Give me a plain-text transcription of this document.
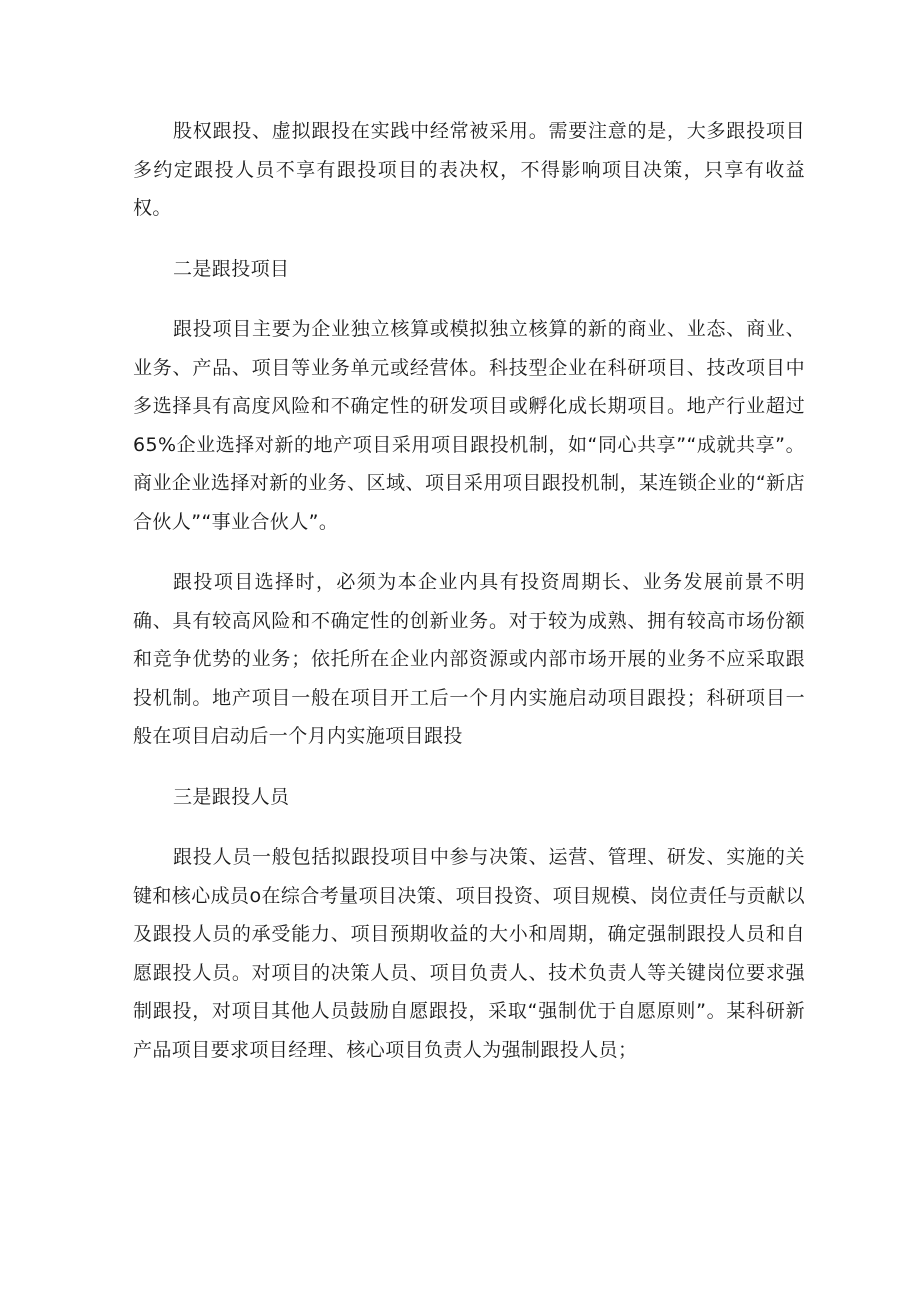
股权跟投、虚拟跟投在实践中经常被采用。需要注意的是，大多跟投项目多约定跟投人员不享有跟投项目的表决权，不得影响项目决策，只享有收益权。

二是跟投项目

跟投项目主要为企业独立核算或模拟独立核算的新的商业、业态、商业、业务、产品、项目等业务单元或经营体。科技型企业在科研项目、技改项目中多选择具有高度风险和不确定性的研发项目或孵化成长期项目。地产行业超过65%企业选择对新的地产项目采用项目跟投机制，如“同心共享”“成就共享”。商业企业选择对新的业务、区域、项目采用项目跟投机制，某连锁企业的“新店合伙人”“事业合伙人”。

跟投项目选择时，必须为本企业内具有投资周期长、业务发展前景不明确、具有较高风险和不确定性的创新业务。对于较为成熟、拥有较高市场份额和竞争优势的业务；依托所在企业内部资源或内部市场开展的业务不应采取跟投机制。地产项目一般在项目开工后一个月内实施启动项目跟投；科研项目一般在项目启动后一个月内实施项目跟投

三是跟投人员

跟投人员一般包括拟跟投项目中参与决策、运营、管理、研发、实施的关键和核心成员o在综合考量项目决策、项目投资、项目规模、岗位责任与贡献以及跟投人员的承受能力、项目预期收益的大小和周期，确定强制跟投人员和自愿跟投人员。对项目的决策人员、项目负责人、技术负责人等关键岗位要求强制跟投，对项目其他人员鼓励自愿跟投，采取“强制优于自愿原则”。某科研新产品项目要求项目经理、核心项目负责人为强制跟投人员；
